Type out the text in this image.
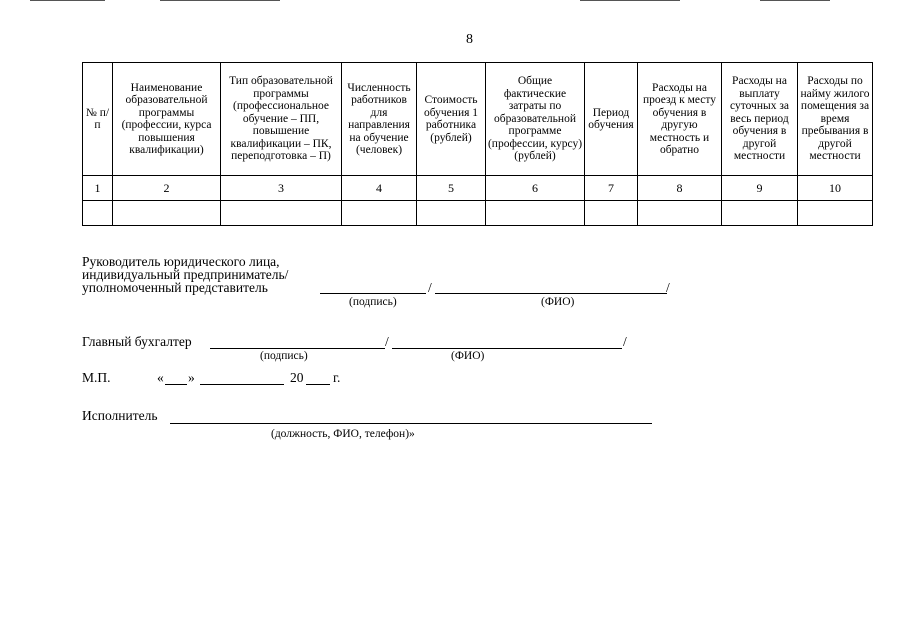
8
№ п/п	Наименование образовательной программы (профессии, курса повышения квалификации)	Тип образовательной программы (профессиональное обучение – ПП, повышение квалификации – ПК, переподготовка – П)	Численность работников для направления на обучение (человек)	Стоимость обучения 1 работника (рублей)	Общие фактические затраты по образовательной программе (профессии, курсу) (рублей)	Период обучения	Расходы на проезд к месту обучения в другую местность и обратно	Расходы на выплату суточных за весь период обучения в другой местности	Расходы по найму жилого помещения за время пребывания в другой местности
1	2	3	4	5	6	7	8	9	10

Руководитель юридического лица,
индивидуальный предприниматель/
уполномоченный представитель	/	/
(подпись)	(ФИО)
Главный бухгалтер	/	/
(подпись)	(ФИО)
М.П.	« »	20 г.
Исполнитель
(должность, ФИО, телефон)»
